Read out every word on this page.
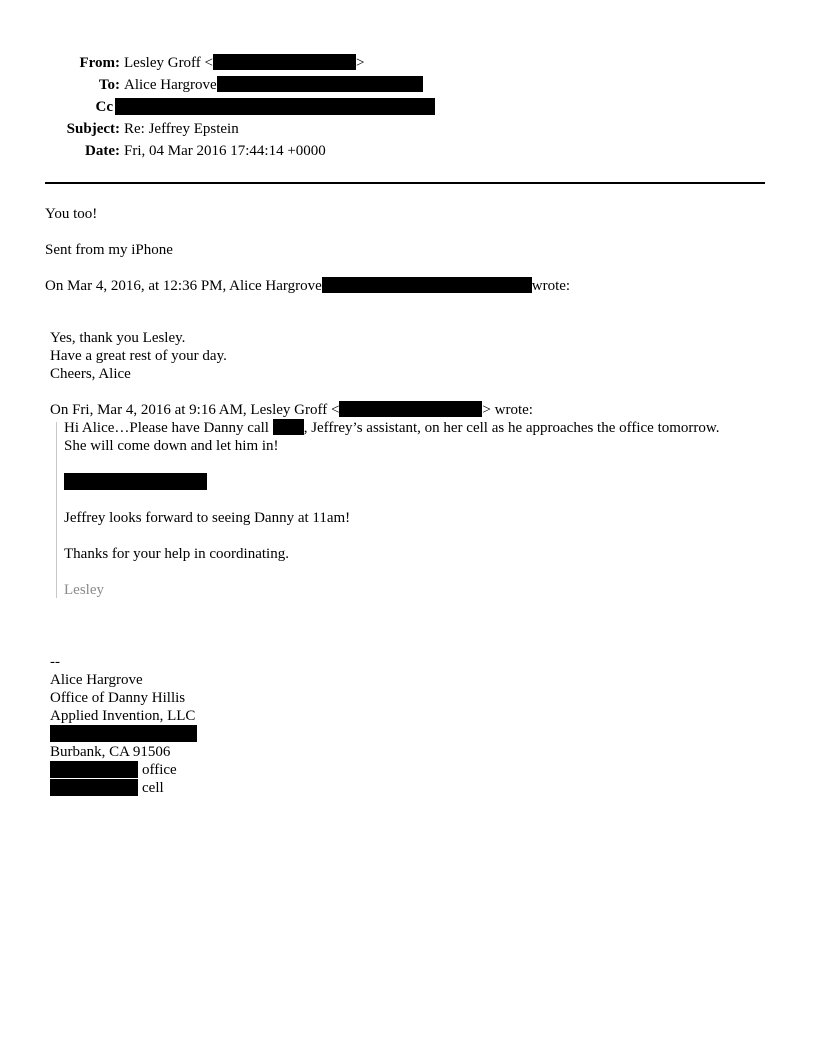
From: Lesley Groff <	>
To: Alice Hargrove
Cc
Subject: Re: Jeffrey Epstein
Date: Fri, 04 Mar 2016 17:44:14 +0000
You too!
Sent from my iPhone
On Mar 4, 2016, at 12:36 PM, Alice Hargrove	wrote:
Yes, thank you Lesley.
Have a great rest of your day.
Cheers, Alice
On Fri, Mar 4, 2016 at 9:16 AM, Lesley Groff <	> wrote:
Hi Alice…Please have Danny call , Jeffrey’s assistant, on her cell as he approaches the office tomorrow.
She will come down and let him in!
Jeffrey looks forward to seeing Danny at 11am!
Thanks for your help in coordinating.
Lesley
--
Alice Hargrove
Office of Danny Hillis
Applied Invention, LLC
Burbank, CA 91506
office
cell
